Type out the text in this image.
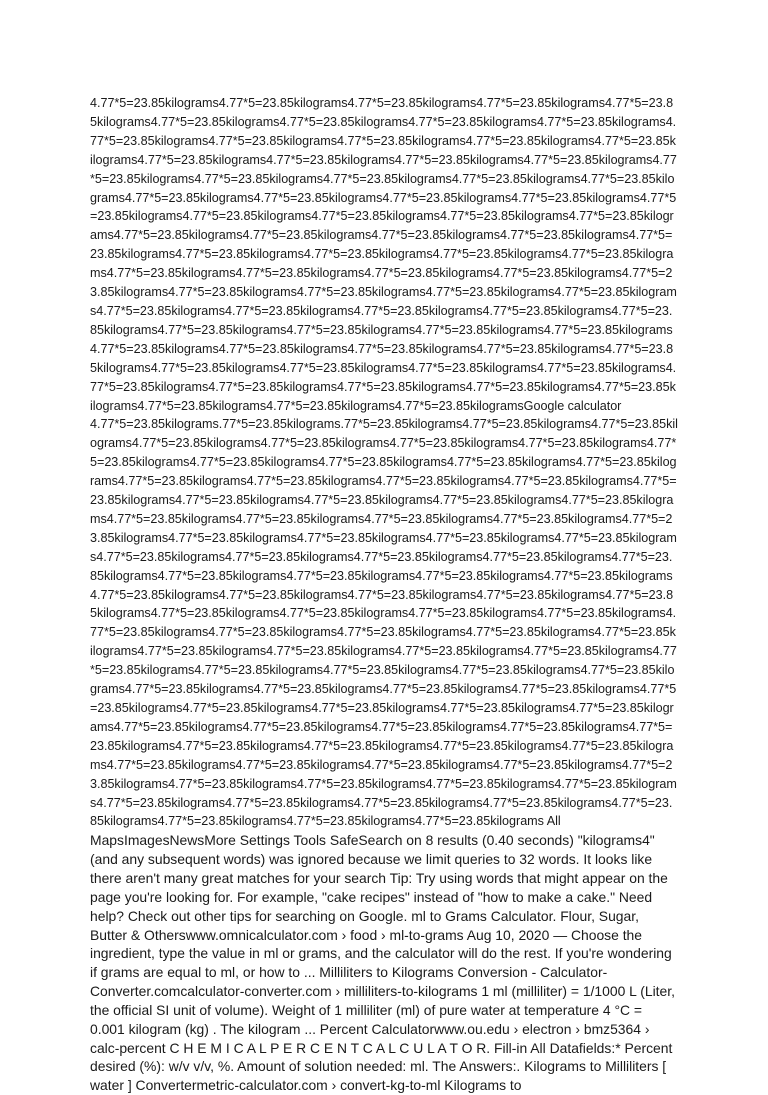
4.77*5=23.85kilograms4.77*5=23.85kilograms4.77*5=23.85kilograms4.77*5=23.85kilograms4.77*5=23.85kilograms4.77*5=23.85kilograms4.77*5=23.85kilograms4.77*5=23.85kilograms4.77*5=23.85kilograms4.77*5=23.85kilograms4.77*5=23.85kilograms4.77*5=23.85kilograms4.77*5=23.85kilograms4.77*5=23.85kilograms4.77*5=23.85kilograms4.77*5=23.85kilograms4.77*5=23.85kilograms4.77*5=23.85kilograms4.77*5=23.85kilograms4.77*5=23.85kilograms4.77*5=23.85kilograms4.77*5=23.85kilograms4.77*5=23.85kilograms4.77*5=23.85kilograms4.77*5=23.85kilograms4.77*5=23.85kilograms4.77*5=23.85kilograms4.77*5=23.85kilograms4.77*5=23.85kilograms4.77*5=23.85kilograms4.77*5=23.85kilograms4.77*5=23.85kilograms4.77*5=23.85kilograms4.77*5=23.85kilograms4.77*5=23.85kilograms4.77*5=23.85kilograms4.77*5=23.85kilograms4.77*5=23.85kilograms4.77*5=23.85kilograms4.77*5=23.85kilograms4.77*5=23.85kilograms4.77*5=23.85kilograms4.77*5=23.85kilograms4.77*5=23.85kilograms4.77*5=23.85kilograms4.77*5=23.85kilograms4.77*5=23.85kilograms4.77*5=23.85kilograms4.77*5=23.85kilograms4.77*5=23.85kilograms4.77*5=23.85kilograms4.77*5=23.85kilograms4.77*5=23.85kilograms4.77*5=23.85kilograms4.77*5=23.85kilograms4.77*5=23.85kilograms4.77*5=23.85kilograms4.77*5=23.85kilograms4.77*5=23.85kilograms4.77*5=23.85kilograms4.77*5=23.85kilograms4.77*5=23.85kilograms4.77*5=23.85kilograms4.77*5=23.85kilograms4.77*5=23.85kilograms4.77*5=23.85kilograms4.77*5=23.85kilograms4.77*5=23.85kilograms4.77*5=23.85kilograms4.77*5=23.85kilograms4.77*5=23.85kilograms4.77*5=23.85kilograms4.77*5=23.85kilograms4.77*5=23.85kilograms4.77*5=23.85kilograms4.77*5=23.85kilogramsGoogle calculator

4.77*5=23.85kilograms.77*5=23.85kilograms.77*5=23.85kilograms4.77*5=23.85kilograms4.77*5=23.85kilograms4.77*5=23.85kilograms4.77*5=23.85kilograms4.77*5=23.85kilograms4.77*5=23.85kilograms4.77*5=23.85kilograms4.77*5=23.85kilograms4.77*5=23.85kilograms4.77*5=23.85kilograms4.77*5=23.85kilograms4.77*5=23.85kilograms4.77*5=23.85kilograms4.77*5=23.85kilograms4.77*5=23.85kilograms4.77*5=23.85kilograms4.77*5=23.85kilograms4.77*5=23.85kilograms4.77*5=23.85kilograms4.77*5=23.85kilograms4.77*5=23.85kilograms4.77*5=23.85kilograms4.77*5=23.85kilograms4.77*5=23.85kilograms4.77*5=23.85kilograms4.77*5=23.85kilograms4.77*5=23.85kilograms4.77*5=23.85kilograms4.77*5=23.85kilograms4.77*5=23.85kilograms4.77*5=23.85kilograms4.77*5=23.85kilograms4.77*5=23.85kilograms4.77*5=23.85kilograms4.77*5=23.85kilograms4.77*5=23.85kilograms4.77*5=23.85kilograms4.77*5=23.85kilograms4.77*5=23.85kilograms4.77*5=23.85kilograms4.77*5=23.85kilograms4.77*5=23.85kilograms4.77*5=23.85kilograms4.77*5=23.85kilograms4.77*5=23.85kilograms4.77*5=23.85kilograms4.77*5=23.85kilograms4.77*5=23.85kilograms4.77*5=23.85kilograms4.77*5=23.85kilograms4.77*5=23.85kilograms4.77*5=23.85kilograms4.77*5=23.85kilograms4.77*5=23.85kilograms4.77*5=23.85kilograms4.77*5=23.85kilograms4.77*5=23.85kilograms4.77*5=23.85kilograms4.77*5=23.85kilograms4.77*5=23.85kilograms4.77*5=23.85kilograms4.77*5=23.85kilograms4.77*5=23.85kilograms4.77*5=23.85kilograms4.77*5=23.85kilograms4.77*5=23.85kilograms4.77*5=23.85kilograms4.77*5=23.85kilograms4.77*5=23.85kilograms4.77*5=23.85kilograms4.77*5=23.85kilograms4.77*5=23.85kilograms4.77*5=23.85kilograms4.77*5=23.85kilograms4.77*5=23.85kilograms4.77*5=23.85kilograms4.77*5=23.85kilograms4.77*5=23.85kilograms4.77*5=23.85kilograms4.77*5=23.85kilograms4.77*5=23.85kilograms4.77*5=23.85kilograms4.77*5=23.85kilograms4.77*5=23.85kilograms4.77*5=23.85kilograms4.77*5=23.85kilograms4.77*5=23.85kilograms4.77*5=23.85kilograms4.77*5=23.85kilograms4.77*5=23.85kilograms4.77*5=23.85kilograms4.77*5=23.85kilograms4.77*5=23.85kilograms4.77*5=23.85kilograms4.77*5=23.85kilograms4.77*5=23.85kilograms All

MapsImagesNewsMore Settings Tools SafeSearch on 8 results (0.40 seconds) "kilograms4" (and any subsequent words) was ignored because we limit queries to 32 words. It looks like there aren't many great matches for your search Tip: Try using words that might appear on the page you're looking for. For example, "cake recipes" instead of "how to make a cake." Need help? Check out other tips for searching on Google. ml to Grams Calculator. Flour, Sugar, Butter & Otherswww.omnicalculator.com › food › ml-to-grams Aug 10, 2020 — Choose the ingredient, type the value in ml or grams, and the calculator will do the rest. If you're wondering if grams are equal to ml, or how to ... Milliliters to Kilograms Conversion - Calculator-Converter.comcalculator-converter.com › milliliters-to-kilograms 1 ml (milliliter) = 1/1000 L (Liter, the official SI unit of volume). Weight of 1 milliliter (ml) of pure water at temperature 4 °C = 0.001 kilogram (kg) . The kilogram ... Percent Calculatorwww.ou.edu › electron › bmz5364 › calc-percent C H E M I C A L P E R C E N T C A L C U L A T O R. Fill-in All Datafields:* Percent desired (%): w/v v/v, %. Amount of solution needed: ml. The Answers:. Kilograms to Milliliters [ water ] Convertermetric-calculator.com › convert-kg-to-ml Kilograms to
